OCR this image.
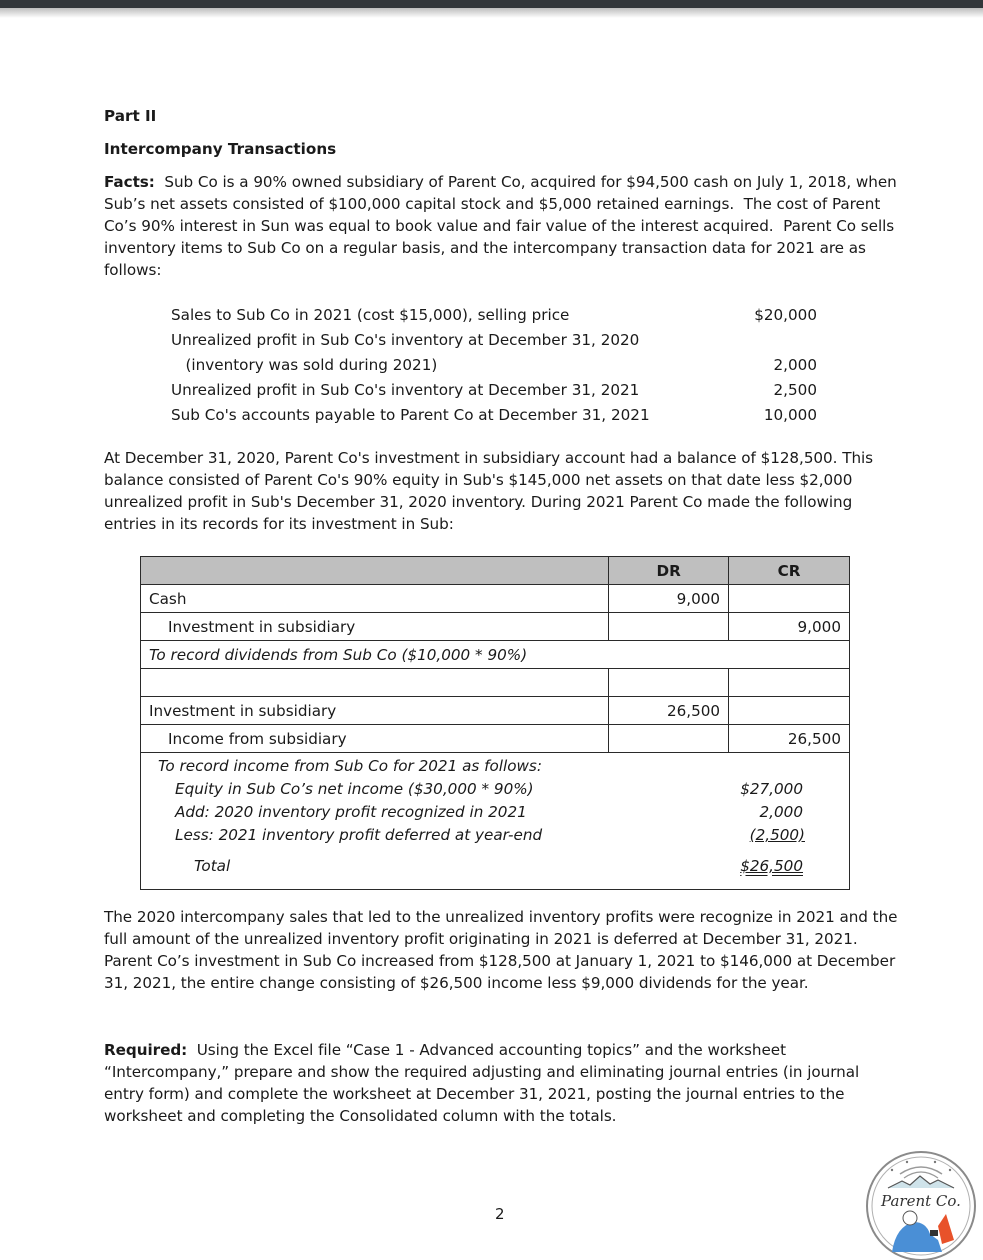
Part II
Intercompany Transactions
Facts:  Sub Co is a 90% owned subsidiary of Parent Co, acquired for $94,500 cash on July 1, 2018, when Sub’s net assets consisted of $100,000 capital stock and $5,000 retained earnings.  The cost of Parent Co’s 90% interest in Sun was equal to book value and fair value of the interest acquired.  Parent Co sells inventory items to Sub Co on a regular basis, and the intercompany transaction data for 2021 are as follows:
Sales to Sub Co in 2021 (cost $15,000), selling price	$20,000
Unrealized profit in Sub Co's inventory at December 31, 2020
(inventory was sold during 2021)	2,000
Unrealized profit in Sub Co's inventory at December 31, 2021	2,500
Sub Co's accounts payable to Parent Co at December 31, 2021	10,000
At December 31, 2020, Parent Co's investment in subsidiary account had a balance of $128,500. This balance consisted of Parent Co's 90% equity in Sub's $145,000 net assets on that date less $2,000 unrealized profit in Sub's December 31, 2020 inventory. During 2021 Parent Co made the following entries in its records for its investment in Sub:
	DR	CR
Cash	9,000	
Investment in subsidiary		9,000
To record dividends from Sub Co ($10,000 * 90%)		

Investment in subsidiary	26,500	
Income from subsidiary		26,500

To record income from Sub Co for 2021 as follows:
Equity in Sub Co’s net income ($30,000 * 90%)	$27,000
Add: 2020 inventory profit recognized in 2021	2,000
Less: 2021 inventory profit deferred at year-end	(2,500)
Total	$26,500
The 2020 intercompany sales that led to the unrealized inventory profits were recognize in 2021 and the full amount of the unrealized inventory profit originating in 2021 is deferred at December 31, 2021. Parent Co’s investment in Sub Co increased from $128,500 at January 1, 2021 to $146,000 at December 31, 2021, the entire change consisting of $26,500 income less $9,000 dividends for the year.
Required:  Using the Excel file “Case 1 - Advanced accounting topics” and the worksheet “Intercompany,” prepare and show the required adjusting and eliminating journal entries (in journal entry form) and complete the worksheet at December 31, 2021, posting the journal entries to the worksheet and completing the Consolidated column with the totals.
2
Parent Co.
